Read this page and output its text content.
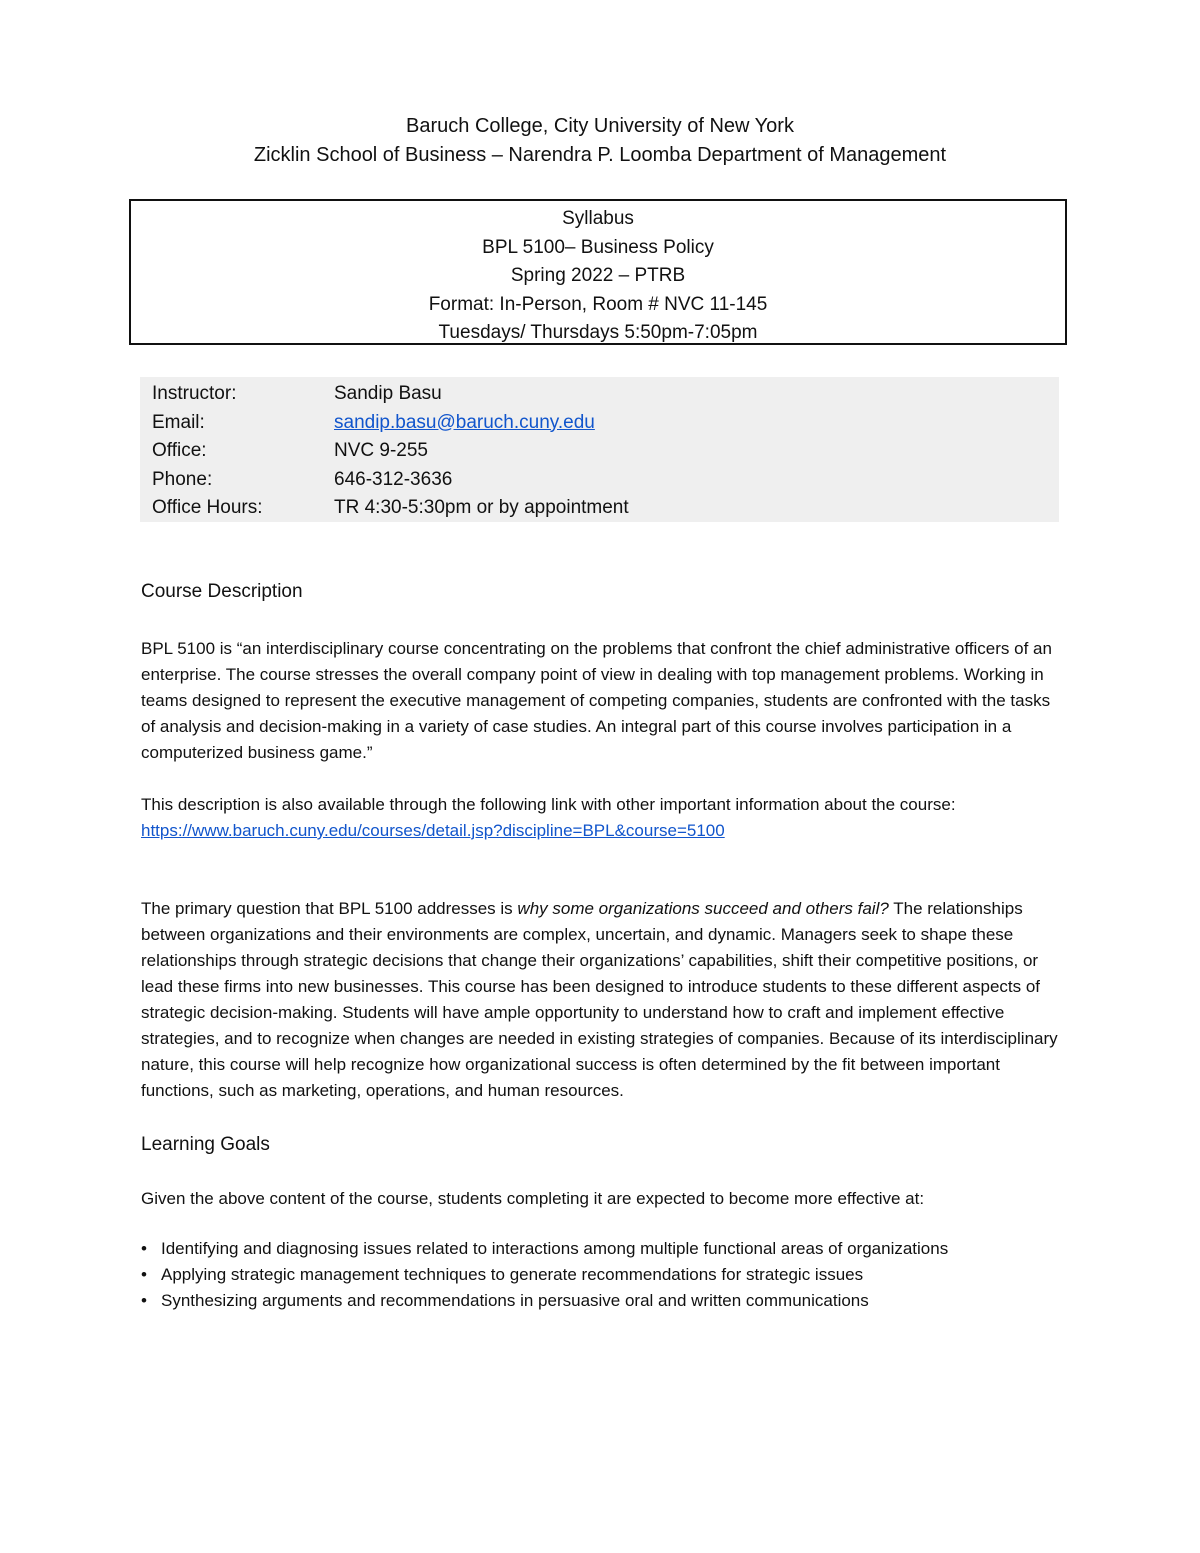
Baruch College, City University of New York
Zicklin School of Business – Narendra P. Loomba Department of Management
Syllabus
BPL 5100– Business Policy
Spring 2022 – PTRB
Format: In-Person, Room # NVC 11-145
Tuesdays/ Thursdays 5:50pm-7:05pm
Instructor:	Sandip Basu
Email:	sandip.basu@baruch.cuny.edu
Office:	NVC 9-255
Phone:	646-312-3636
Office Hours:	TR 4:30-5:30pm or by appointment
Course Description

BPL 5100 is “an interdisciplinary course concentrating on the problems that confront the chief administrative officers of an enterprise. The course stresses the overall company point of view in dealing with top management problems. Working in teams designed to represent the executive management of competing companies, students are confronted with the tasks of analysis and decision-making in a variety of case studies. An integral part of this course involves participation in a computerized business game.”

This description is also available through the following link with other important information about the course:

https://www.baruch.cuny.edu/courses/detail.jsp?discipline=BPL&course=5100

The primary question that BPL 5100 addresses is why some organizations succeed and others fail? The relationships between organizations and their environments are complex, uncertain, and dynamic. Managers seek to shape these relationships through strategic decisions that change their organizations’ capabilities, shift their competitive positions, or lead these firms into new businesses. This course has been designed to introduce students to these different aspects of strategic decision-making. Students will have ample opportunity to understand how to craft and implement effective strategies, and to recognize when changes are needed in existing strategies of companies. Because of its interdisciplinary nature, this course will help recognize how organizational success is often determined by the fit between important functions, such as marketing, operations, and human resources.

Learning Goals

Given the above content of the course, students completing it are expected to become more effective at:

• Identifying and diagnosing issues related to interactions among multiple functional areas of organizations
• Applying strategic management techniques to generate recommendations for strategic issues
• Synthesizing arguments and recommendations in persuasive oral and written communications
